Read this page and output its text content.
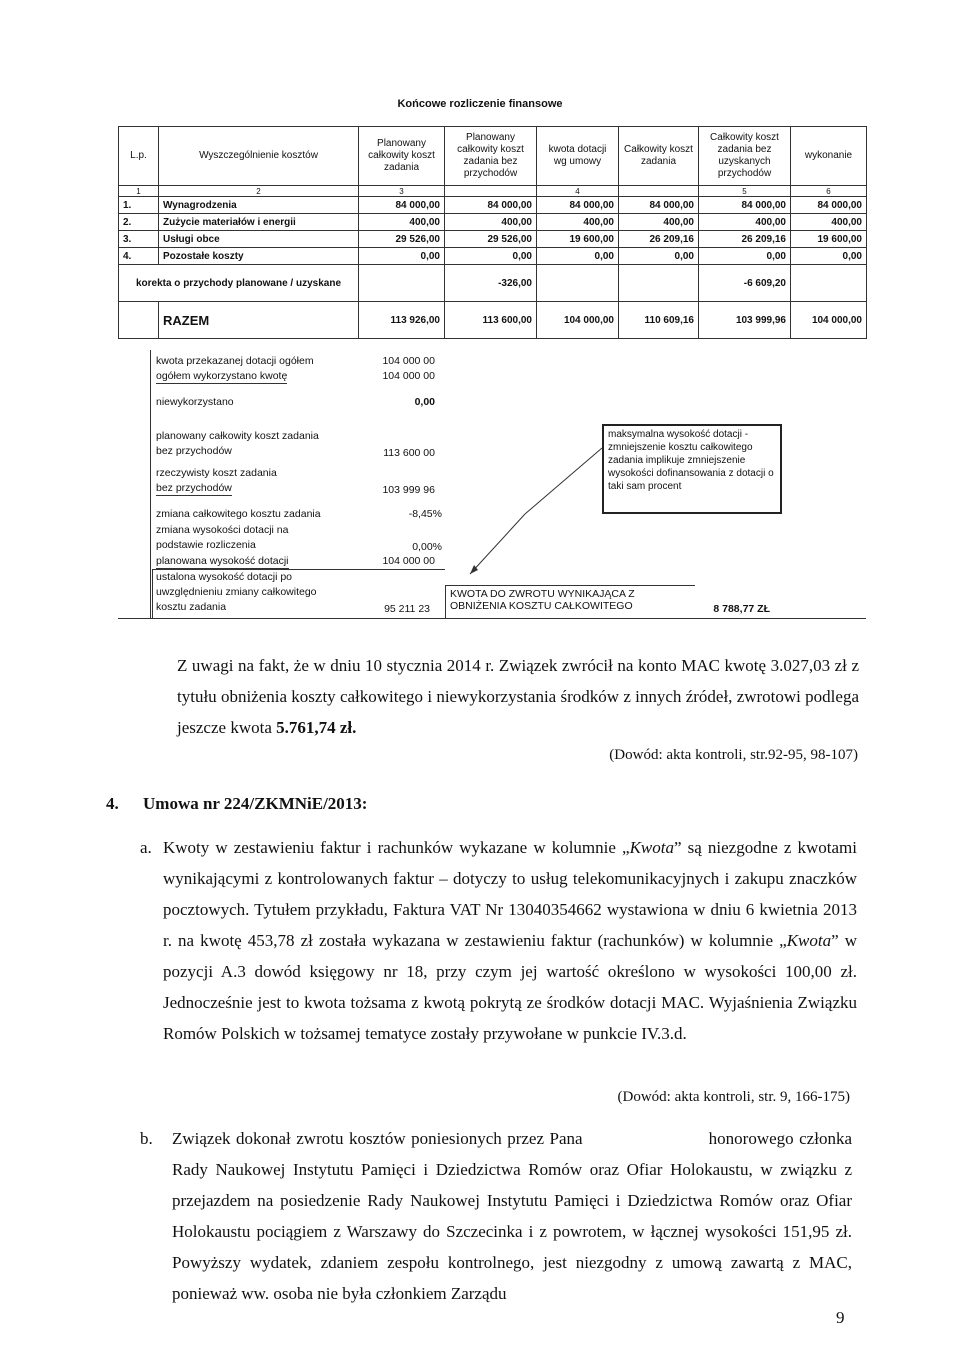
Końcowe rozliczenie finansowe
L.p.	Wyszczególnienie kosztów	Planowany całkowity koszt zadania	Planowany całkowity koszt zadania bez przychodów	kwota dotacji wg umowy	Całkowity koszt zadania	Całkowity koszt zadania bez uzyskanych przychodów	wykonanie
1	2	3		4		5	6
1.	Wynagrodzenia	84 000,00	84 000,00	84 000,00	84 000,00	84 000,00	84 000,00
2.	Zużycie materiałów i energii	400,00	400,00	400,00	400,00	400,00	400,00
3.	Usługi obce	29 526,00	29 526,00	19 600,00	26 209,16	26 209,16	19 600,00
4.	Pozostałe koszty	0,00	0,00	0,00	0,00	0,00	0,00
korekta o przychody planowane / uzyskane			-326,00			-6 609,20	
	RAZEM	113 926,00	113 600,00	104 000,00	110 609,16	103 999,96	104 000,00
kwota przekazanej dotacji ogółem	104 000 00
ogółem wykorzystano kwotę	104 000 00
niewykorzystano	0,00
planowany całkowity koszt zadania
bez przychodów	113 600 00
rzeczywisty koszt zadania
bez przychodów	103 999 96
zmiana całkowitego kosztu zadania	-8,45%
zmiana wysokości dotacji na
podstawie rozliczenia	0,00%
planowana wysokość dotacji	104 000 00
ustalona wysokość dotacji po
uwzględnieniu zmiany całkowitego
kosztu zadania	95 211 23
maksymalna wysokość dotacji - zmniejszenie kosztu całkowitego zadania implikuje zmniejszenie wysokości dofinansowania z dotacji o taki sam procent
KWOTA DO ZWROTU WYNIKAJĄCA Z
OBNIŻENIA KOSZTU CAŁKOWITEGO	8 788,77 ZŁ
Z uwagi na fakt, że w dniu 10 stycznia 2014 r. Związek zwrócił na konto MAC kwotę 3.027,03 zł z tytułu obniżenia koszty całkowitego i niewykorzystania środków z innych źródeł, zwrotowi podlega jeszcze kwota 5.761,74 zł.
(Dowód: akta kontroli, str.92-95, 98-107)
4. Umowa nr 224/ZKMNiE/2013:
a. Kwoty w zestawieniu faktur i rachunków wykazane w kolumnie „Kwota” są niezgodne z kwotami wynikającymi z kontrolowanych faktur – dotyczy to usług telekomunikacyjnych i zakupu znaczków pocztowych. Tytułem przykładu, Faktura VAT Nr 13040354662 wystawiona w dniu 6 kwietnia 2013 r. na kwotę 453,78 zł została wykazana w zestawieniu faktur (rachunków) w kolumnie „Kwota” w pozycji A.3 dowód księgowy nr 18, przy czym jej wartość określono w wysokości 100,00 zł. Jednocześnie jest to kwota tożsama z kwotą pokrytą ze środków dotacji MAC. Wyjaśnienia Związku Romów Polskich w tożsamej tematyce zostały przywołane w punkcie IV.3.d.
(Dowód: akta kontroli, str. 9, 166-175)
b. Związek dokonał zwrotu kosztów poniesionych przez Pana                       honorowego członka Rady Naukowej Instytutu Pamięci i Dziedzictwa Romów oraz Ofiar Holokaustu, w związku z przejazdem na posiedzenie Rady Naukowej Instytutu Pamięci i Dziedzictwa Romów oraz Ofiar Holokaustu pociągiem z Warszawy do Szczecinka i z powrotem, w łącznej wysokości 151,95 zł. Powyższy wydatek, zdaniem zespołu kontrolnego, jest niezgodny z umową zawartą z MAC, ponieważ ww. osoba nie była członkiem Zarządu
9
